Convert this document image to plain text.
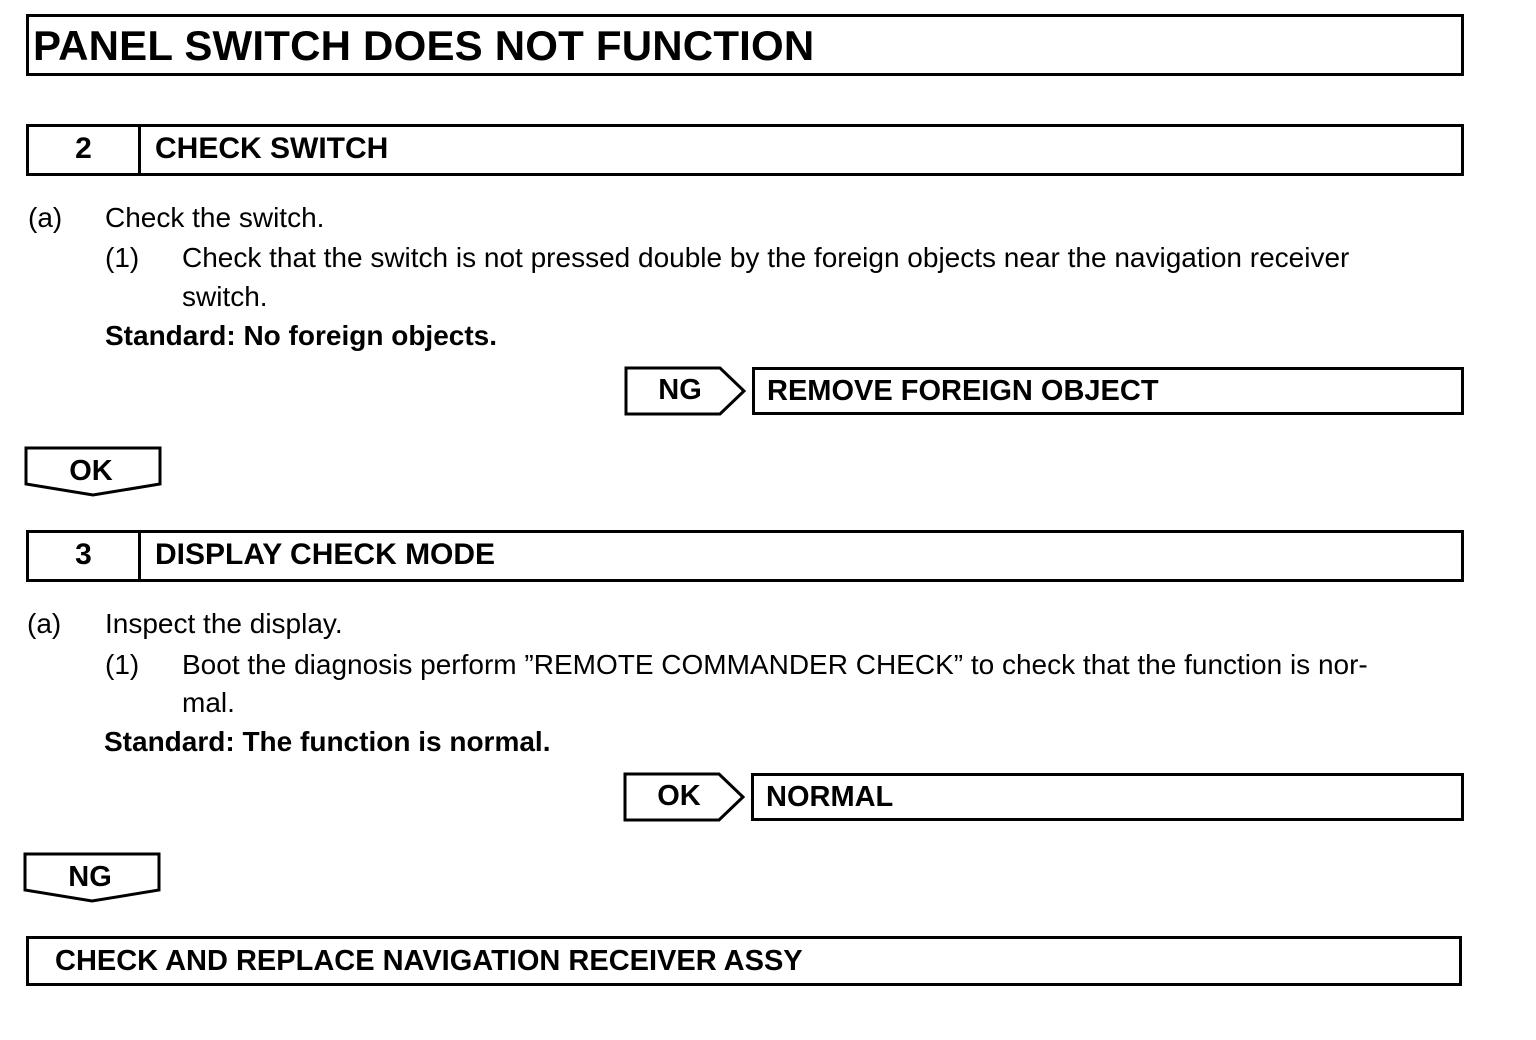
PANEL SWITCH DOES NOT FUNCTION
2	CHECK SWITCH
(a) Check the switch.
(1) Check that the switch is not pressed double by the foreign objects near the navigation receiver
switch.
Standard: No foreign objects.
NG	REMOVE FOREIGN OBJECT
OK
3	DISPLAY CHECK MODE
(a) Inspect the display.
(1) Boot the diagnosis perform ”REMOTE COMMANDER CHECK” to check that the function is nor-
mal.
Standard: The function is normal.
OK	NORMAL
NG
CHECK AND REPLACE NAVIGATION RECEIVER ASSY
